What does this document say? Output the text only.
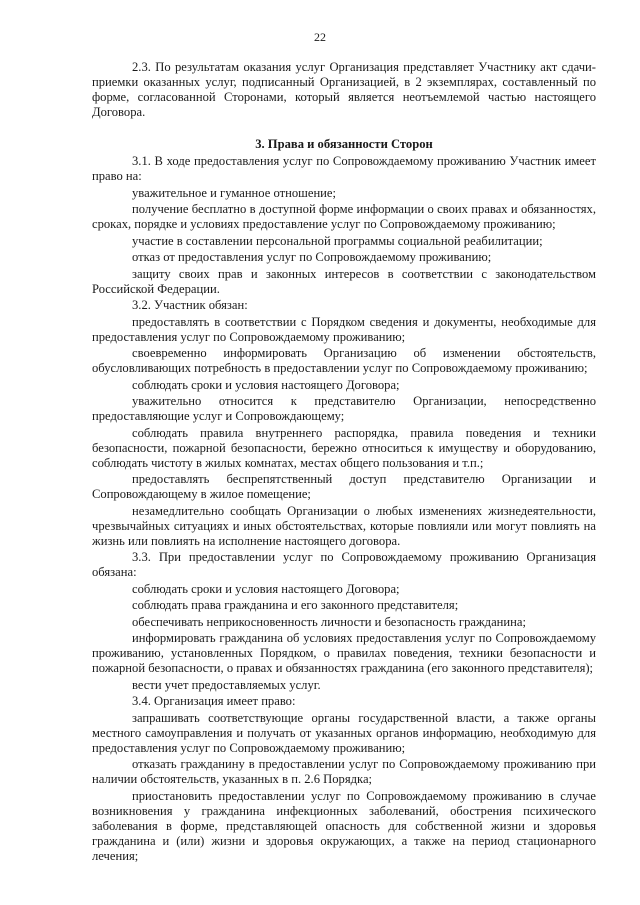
22
2.3. По результатам оказания услуг Организация представляет Участнику акт сдачи-приемки оказанных услуг, подписанный Организацией, в 2 экземплярах, составленный по форме, согласованной Сторонами, который является неотъемлемой частью настоящего Договора.
3. Права и обязанности Сторон
3.1. В ходе предоставления услуг по Сопровождаемому проживанию Участник имеет право на:
уважительное и гуманное отношение;
получение бесплатно в доступной форме информации о своих правах и обязанностях, сроках, порядке и условиях предоставление услуг по Сопровождаемому проживанию;
участие в составлении персональной программы социальной реабилитации;
отказ от предоставления услуг по Сопровождаемому проживанию;
защиту своих прав и законных интересов в соответствии с законодательством Российской Федерации.
3.2. Участник обязан:
предоставлять в соответствии с Порядком сведения и документы, необходимые для предоставления услуг по Сопровождаемому проживанию;
своевременно информировать Организацию об изменении обстоятельств, обусловливающих потребность в предоставлении услуг по Сопровождаемому проживанию;
соблюдать сроки и условия настоящего Договора;
уважительно относится к представителю Организации, непосредственно предоставляющие услуг и Сопровождающему;
соблюдать правила внутреннего распорядка, правила поведения и техники безопасности, пожарной безопасности, бережно относиться к имуществу и оборудованию, соблюдать чистоту в жилых комнатах, местах общего пользования и т.п.;
предоставлять беспрепятственный доступ представителю Организации и Сопровождающему в жилое помещение;
незамедлительно сообщать Организации о любых изменениях жизнедеятельности, чрезвычайных ситуациях и иных обстоятельствах, которые повлияли или могут повлиять на жизнь или повлиять на исполнение настоящего договора.
3.3. При предоставлении услуг по Сопровождаемому проживанию Организация обязана:
соблюдать сроки и условия настоящего Договора;
соблюдать права гражданина и его законного представителя;
обеспечивать неприкосновенность личности и безопасность гражданина;
информировать гражданина об условиях предоставления услуг по Сопровождаемому проживанию, установленных Порядком, о правилах поведения, техники безопасности и пожарной безопасности, о правах и обязанностях гражданина (его законного представителя);
вести учет предоставляемых услуг.
3.4. Организация имеет право:
запрашивать соответствующие органы государственной власти, а также органы местного самоуправления и получать от указанных органов информацию, необходимую для предоставления услуг по Сопровождаемому проживанию;
отказать гражданину в предоставлении услуг по Сопровождаемому проживанию при наличии обстоятельств, указанных в п. 2.6 Порядка;
приостановить предоставлении услуг по Сопровождаемому проживанию в случае возникновения у гражданина инфекционных заболеваний, обострения психического заболевания в форме, представляющей опасность для собственной жизни и здоровья гражданина и (или) жизни и здоровья окружающих, а также на период стационарного лечения;
